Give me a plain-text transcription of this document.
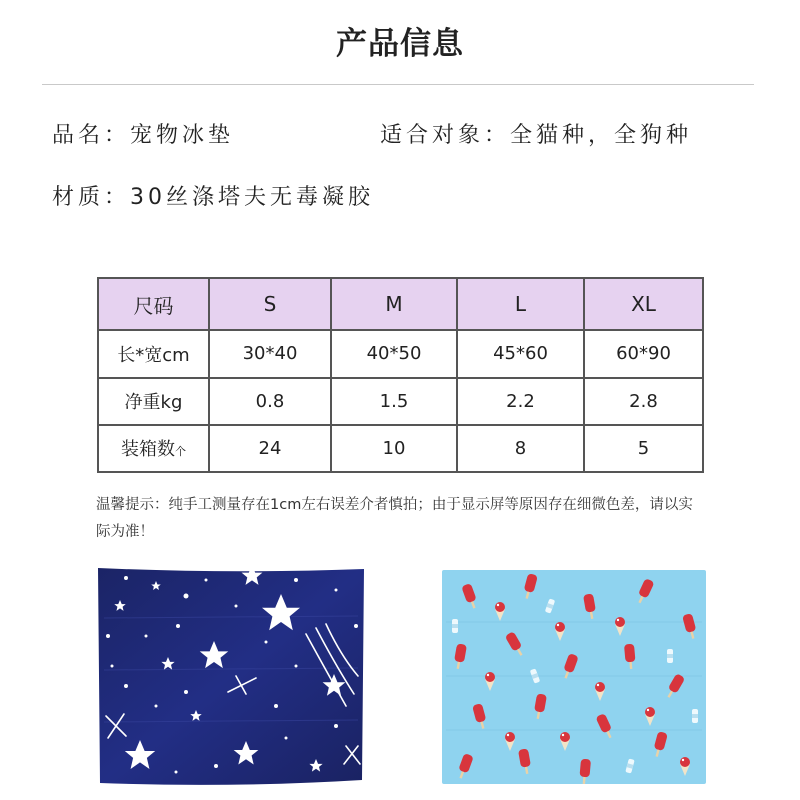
产品信息
品名：宠物冰垫	适合对象：全猫种，全狗种
材质：30丝涤塔夫无毒凝胶
尺码	S	M	L	XL
长*宽cm	30*40	40*50	45*60	60*90
净重kg	0.8	1.5	2.2	2.8
装箱数个	24	10	8	5
温馨提示：纯手工测量存在1cm左右误差介者慎拍；由于显示屏等原因存在细微色差，请以实际为准！
